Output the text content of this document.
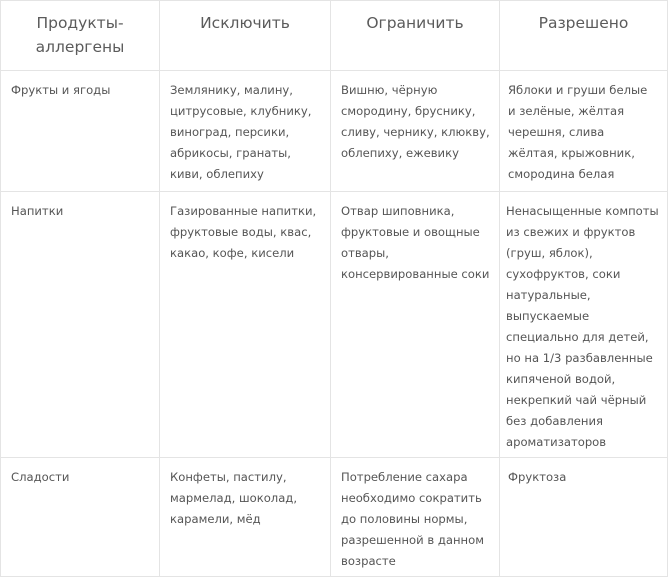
Продукты-аллергены	Исключить	Ограничить	Разрешено
Фрукты и ягоды	Землянику, малину, цитрусовые, клубнику, виноград, персики, абрикосы, гранаты, киви, облепиху	Вишню, чёрную смородину, бруснику, сливу, чернику, клюкву, облепиху, ежевику	Яблоки и груши белые и зелёные, жёлтая черешня, слива жёлтая, крыжовник, смородина белая
Напитки	Газированные напитки, фруктовые воды, квас, какао, кофе, кисели	Отвар шиповника, фруктовые и овощные отвары, консервированные соки	Ненасыщенные компоты из свежих и фруктов (груш, яблок), сухофруктов, соки натуральные, выпускаемые специально для детей, но на 1/3 разбавленные кипяченой водой, некрепкий чай чёрный без добавления ароматизаторов
Сладости	Конфеты, пастилу, мармелад, шоколад, карамели, мёд	Потребление сахара необходимо сократить до половины нормы, разрешенной в данном возрасте	Фруктоза
